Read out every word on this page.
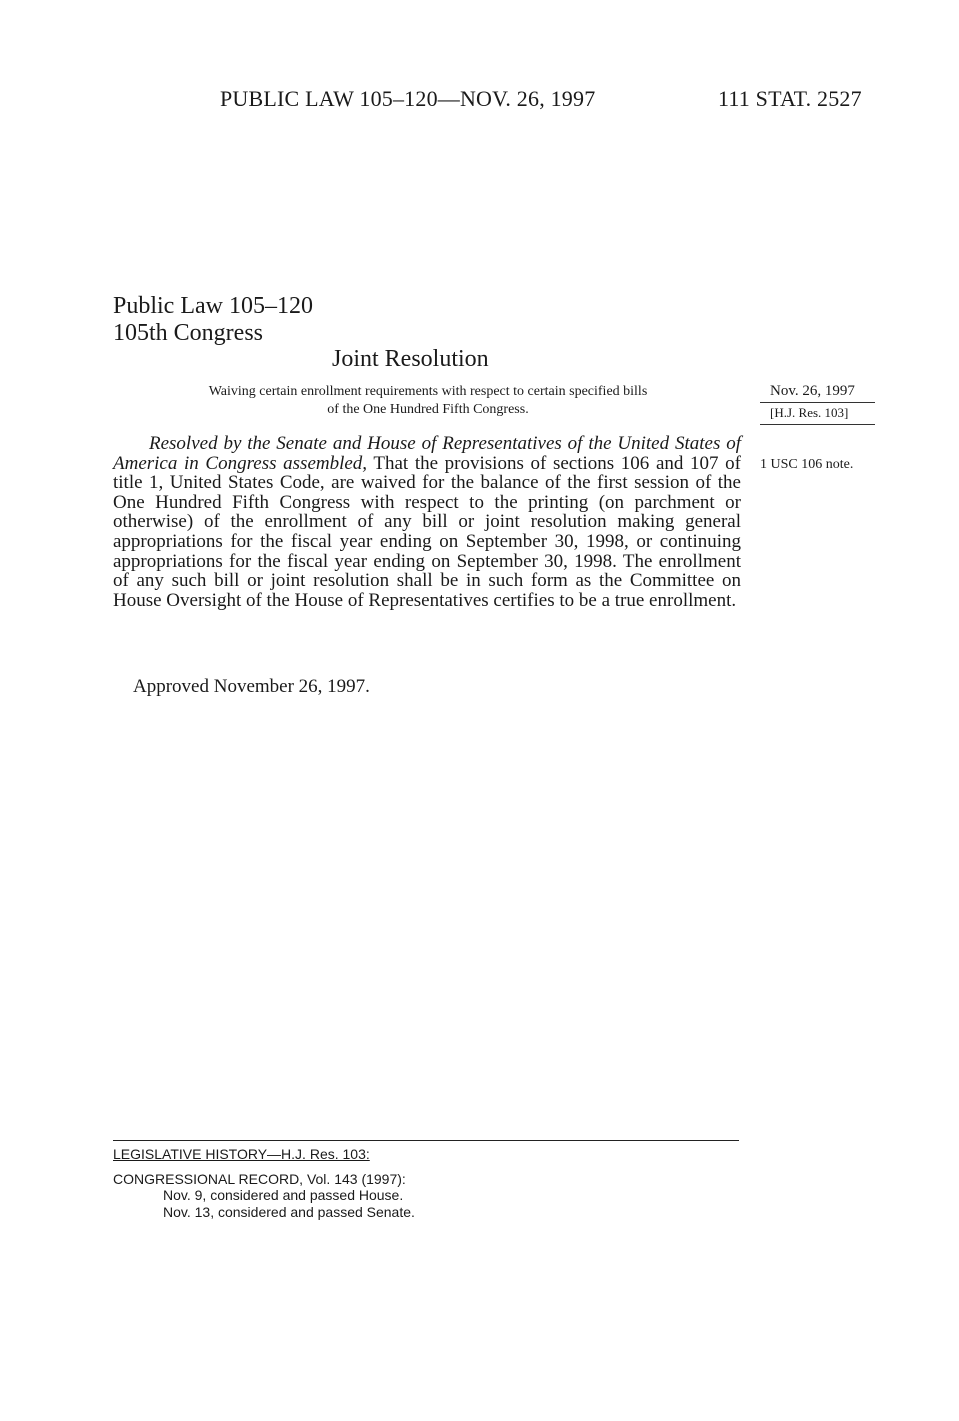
PUBLIC LAW 105–120—NOV. 26, 1997	111 STAT. 2527
Public Law 105–120
105th Congress
Joint Resolution
Waiving certain enrollment requirements with respect to certain specified bills
of the One Hundred Fifth Congress.
Nov. 26, 1997
[H.J. Res. 103]
1 USC 106 note.

Resolved by the Senate and House of Representatives of the United States of America in Congress assembled, That the provisions of sections 106 and 107 of title 1, United States Code, are waived for the balance of the first session of the One Hundred Fifth Congress with respect to the printing (on parchment or otherwise) of the enrollment of any bill or joint resolution making general appropriations for the fiscal year ending on September 30, 1998, or continuing appropriations for the fiscal year ending on September 30, 1998. The enrollment of any such bill or joint resolution shall be in such form as the Committee on House Oversight of the House of Representatives certifies to be a true enrollment.

Approved November 26, 1997.
LEGISLATIVE HISTORY—H.J. Res. 103:
CONGRESSIONAL RECORD, Vol. 143 (1997):
Nov. 9, considered and passed House.
Nov. 13, considered and passed Senate.
